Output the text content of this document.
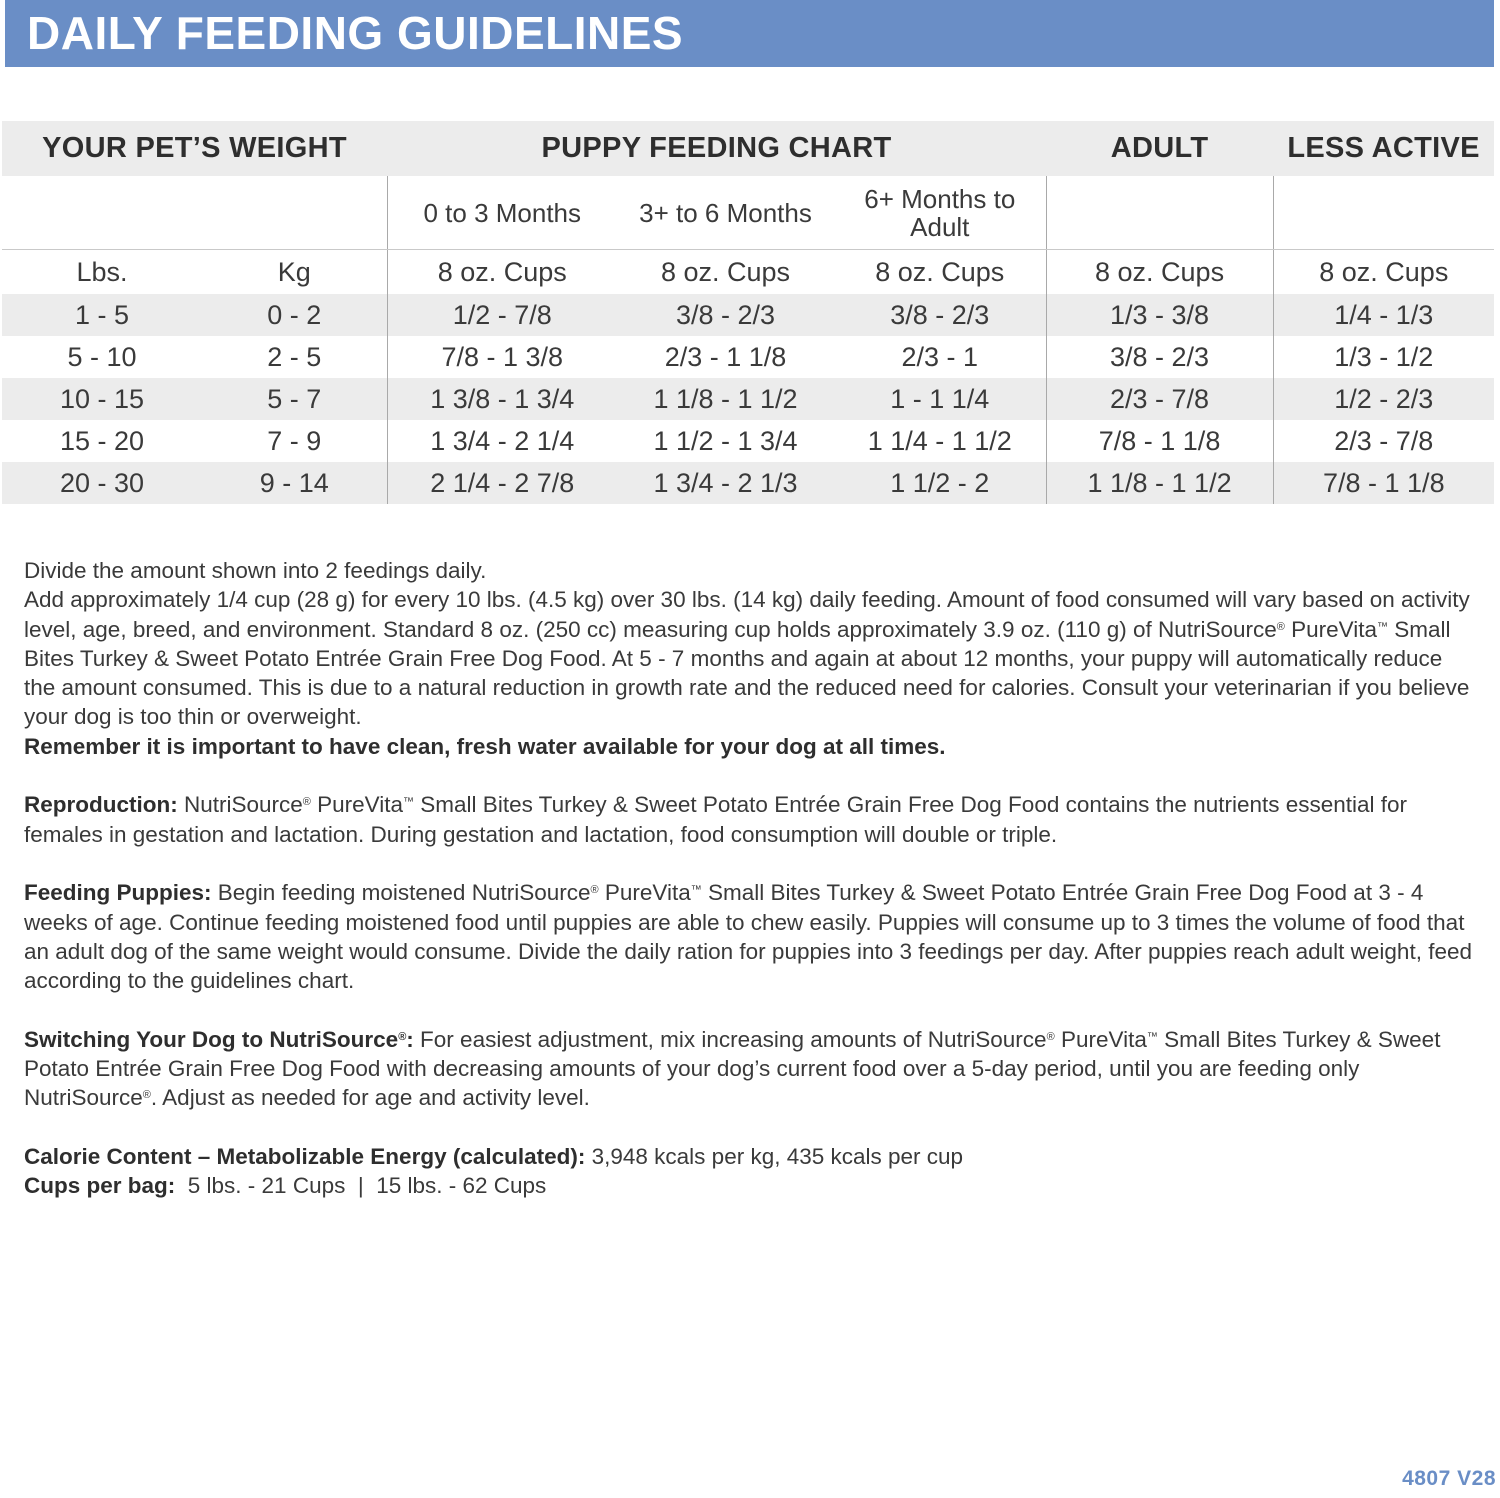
DAILY FEEDING GUIDELINES
YOUR PET’S WEIGHT		PUPPY FEEDING CHART			ADULT	LESS ACTIVE
		0 to 3 Months	3+ to 6 Months	6+ Months to Adult		
Lbs.	Kg	8 oz. Cups	8 oz. Cups	8 oz. Cups	8 oz. Cups	8 oz. Cups
1 - 5	0 - 2	1/2 - 7/8	3/8 - 2/3	3/8 - 2/3	1/3 - 3/8	1/4 - 1/3
5 - 10	2 - 5	7/8 - 1 3/8	2/3 - 1 1/8	2/3 - 1	3/8 - 2/3	1/3 - 1/2
10 - 15	5 - 7	1 3/8 - 1 3/4	1 1/8 - 1 1/2	1 - 1 1/4	2/3 - 7/8	1/2 - 2/3
15 - 20	7 - 9	1 3/4 - 2 1/4	1 1/2 - 1 3/4	1 1/4 - 1 1/2	7/8 - 1 1/8	2/3 - 7/8
20 - 30	9 - 14	2 1/4 - 2 7/8	1 3/4 - 2 1/3	1 1/2 - 2	1 1/8 - 1 1/2	7/8 - 1 1/8

Divide the amount shown into 2 feedings daily.

Add approximately 1/4 cup (28 g) for every 10 lbs. (4.5 kg) over 30 lbs. (14 kg) daily feeding. Amount of food consumed will vary based on activity level, age, breed, and environment. Standard 8 oz. (250 cc) measuring cup holds approximately 3.9 oz. (110 g) of NutriSource® PureVita™ Small Bites Turkey & Sweet Potato Entrée Grain Free Dog Food. At 5 - 7 months and again at about 12 months, your puppy will automatically reduce the amount consumed. This is due to a natural reduction in growth rate and the reduced need for calories. Consult your veterinarian if you believe your dog is too thin or overweight.

Remember it is important to have clean, fresh water available for your dog at all times.

Reproduction: NutriSource® PureVita™ Small Bites Turkey & Sweet Potato Entrée Grain Free Dog Food contains the nutrients essential for females in gestation and lactation. During gestation and lactation, food consumption will double or triple.

Feeding Puppies: Begin feeding moistened NutriSource® PureVita™ Small Bites Turkey & Sweet Potato Entrée Grain Free Dog Food at 3 - 4 weeks of age. Continue feeding moistened food until puppies are able to chew easily. Puppies will consume up to 3 times the volume of food that an adult dog of the same weight would consume. Divide the daily ration for puppies into 3 feedings per day. After puppies reach adult weight, feed according to the guidelines chart.

Switching Your Dog to NutriSource®: For easiest adjustment, mix increasing amounts of NutriSource® PureVita™ Small Bites Turkey & Sweet Potato Entrée Grain Free Dog Food with decreasing amounts of your dog’s current food over a 5-day period, until you are feeding only NutriSource®. Adjust as needed for age and activity level.

Calorie Content – Metabolizable Energy (calculated): 3,948 kcals per kg, 435 kcals per cup

Cups per bag:  5 lbs. - 21 Cups  |  15 lbs. - 62 Cups

4807 V28
